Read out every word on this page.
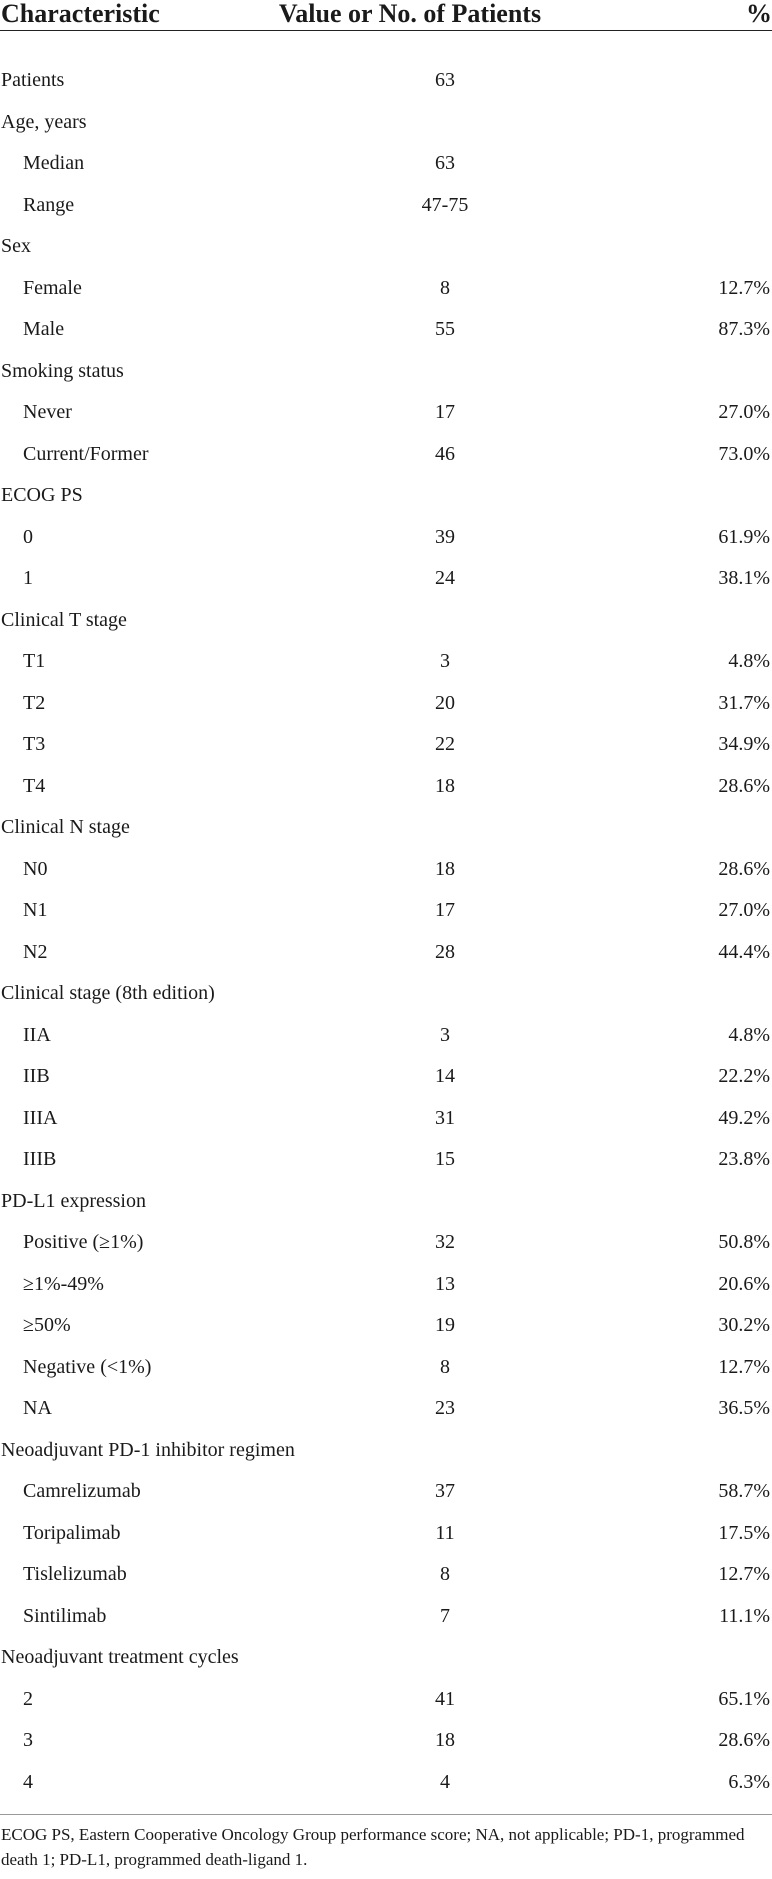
Characteristic	Value or No. of Patients	%
Patients	63
Age, years
Median	63
Range	47-75
Sex
Female	8	12.7%
Male	55	87.3%
Smoking status
Never	17	27.0%
Current/Former	46	73.0%
ECOG PS
0	39	61.9%
1	24	38.1%
Clinical T stage
T1	3	4.8%
T2	20	31.7%
T3	22	34.9%
T4	18	28.6%
Clinical N stage
N0	18	28.6%
N1	17	27.0%
N2	28	44.4%
Clinical stage (8th edition)
IIA	3	4.8%
IIB	14	22.2%
IIIA	31	49.2%
IIIB	15	23.8%
PD-L1 expression
Positive (≥1%)	32	50.8%
≥1%-49%	13	20.6%
≥50%	19	30.2%
Negative (<1%)	8	12.7%
NA	23	36.5%
Neoadjuvant PD-1 inhibitor regimen
Camrelizumab	37	58.7%
Toripalimab	11	17.5%
Tislelizumab	8	12.7%
Sintilimab	7	11.1%
Neoadjuvant treatment cycles
2	41	65.1%
3	18	28.6%
4	4	6.3%
ECOG PS, Eastern Cooperative Oncology Group performance score; NA, not applicable; PD-1, programmed death 1; PD-L1, programmed death-ligand 1.
